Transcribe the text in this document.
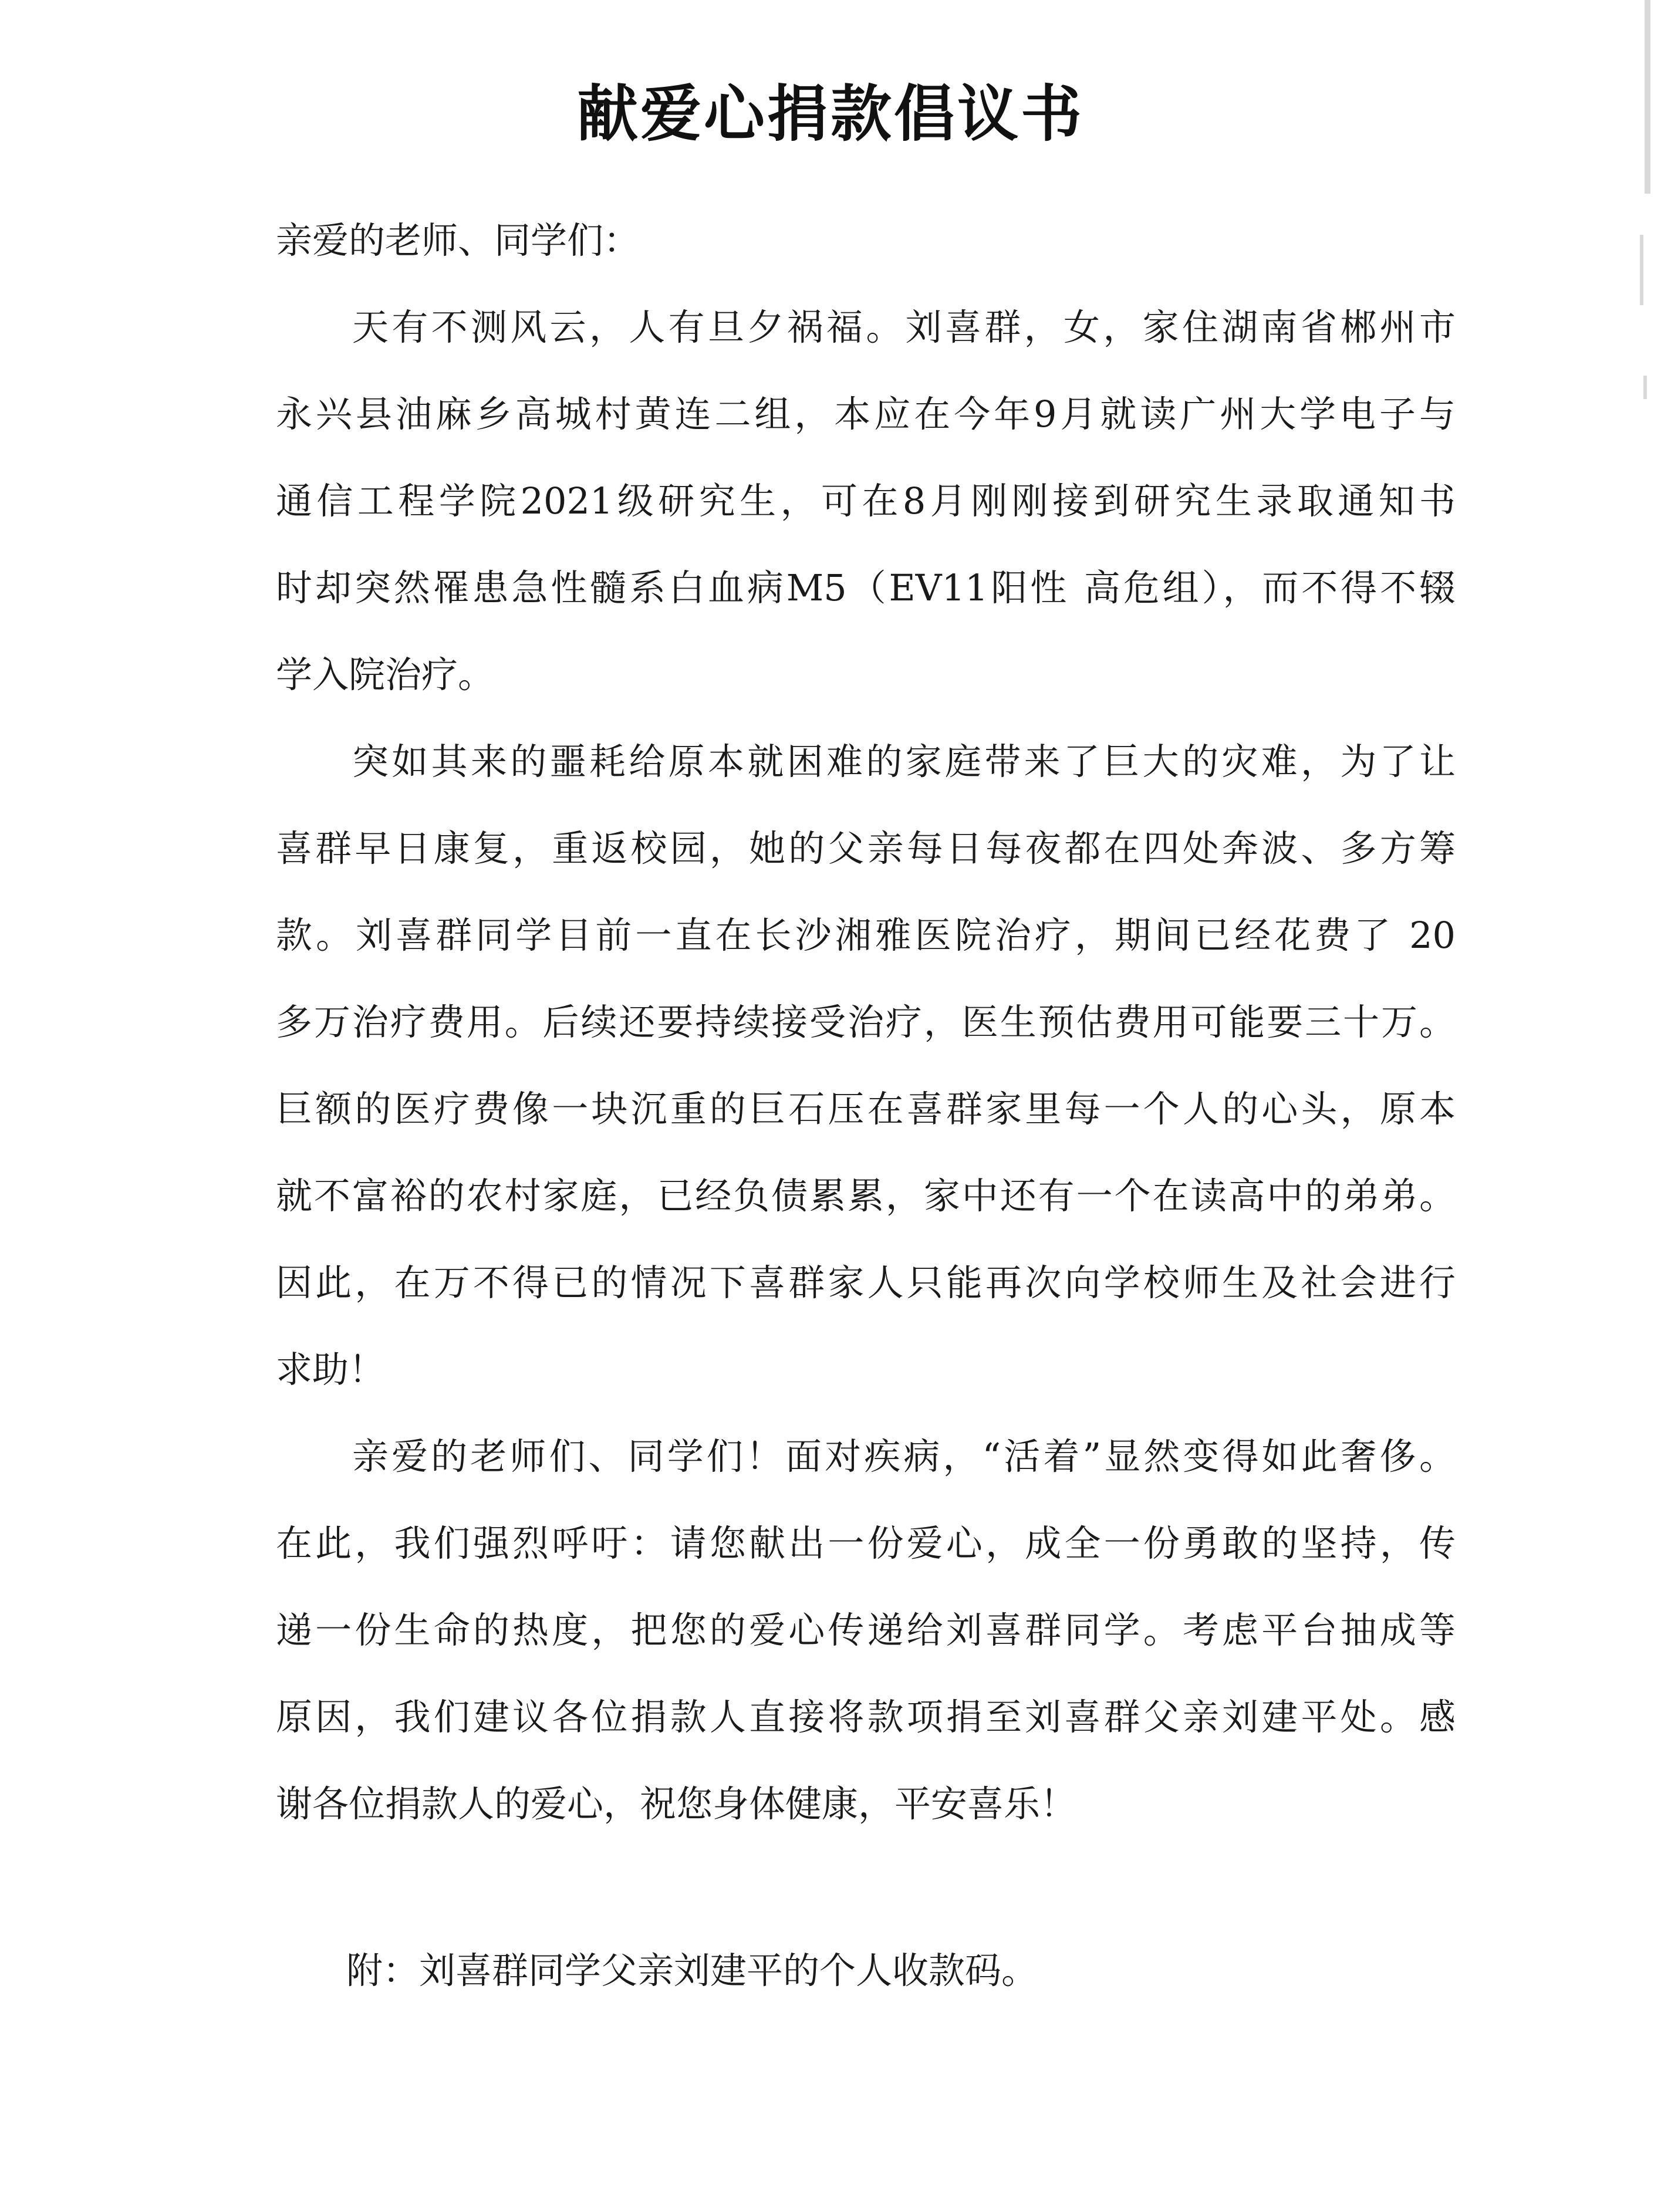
献爱心捐款倡议书
亲爱的老师、同学们：
天有不测风云，人有旦夕祸福。刘喜群，女，家住湖南省郴州市
永兴县油麻乡高城村黄连二组，本应在今年9月就读广州大学电子与
通信工程学院2021级研究生，可在8月刚刚接到研究生录取通知书
时却突然罹患急性髓系白血病M5（EV11阳性 高危组），而不得不辍
学入院治疗。
突如其来的噩耗给原本就困难的家庭带来了巨大的灾难，为了让
喜群早日康复，重返校园，她的父亲每日每夜都在四处奔波、多方筹
款。刘喜群同学目前一直在长沙湘雅医院治疗，期间已经花费了 20
多万治疗费用。后续还要持续接受治疗，医生预估费用可能要三十万。
巨额的医疗费像一块沉重的巨石压在喜群家里每一个人的心头，原本
就不富裕的农村家庭，已经负债累累，家中还有一个在读高中的弟弟。
因此，在万不得已的情况下喜群家人只能再次向学校师生及社会进行
求助！
亲爱的老师们、同学们！面对疾病，“活着”显然变得如此奢侈。
在此，我们强烈呼吁：请您献出一份爱心，成全一份勇敢的坚持，传
递一份生命的热度，把您的爱心传递给刘喜群同学。考虑平台抽成等
原因，我们建议各位捐款人直接将款项捐至刘喜群父亲刘建平处。感
谢各位捐款人的爱心，祝您身体健康，平安喜乐！
附：刘喜群同学父亲刘建平的个人收款码。
